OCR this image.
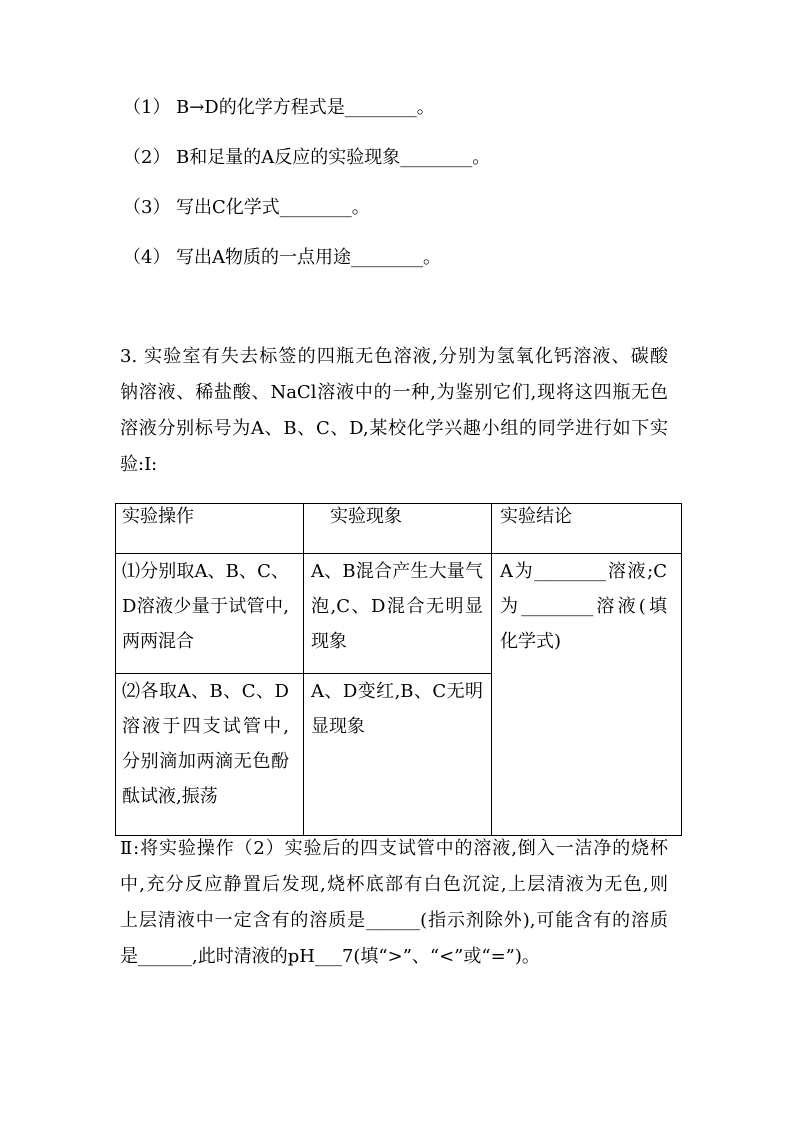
（1） B→D的化学方程式是________。
（2） B和足量的A反应的实验现象________。
（3） 写出C化学式________。
（4） 写出A物质的一点用途________。
3. 实验室有失去标签的四瓶无色溶液,分别为氢氧化钙溶液、碳酸
钠溶液、稀盐酸、NaCl溶液中的一种,为鉴别它们,现将这四瓶无色
溶液分别标号为A、B、C、D,某校化学兴趣小组的同学进行如下实
验:Ⅰ:
实验操作	实验现象	实验结论

⑴分别取A、B、C、
D溶液少量于试管中,
两两混合	A、B混合产生大量气
泡,C、D混合无明显
现象	A为________溶液;C
为________溶液(填
化学式)

⑵各取A、B、C、D
溶液于四支试管中,
分别滴加两滴无色酚
酞试液,振荡	A、D变红,B、C无明
显现象	
Ⅱ:将实验操作（2）实验后的四支试管中的溶液,倒入一洁净的烧杯
中,充分反应静置后发现,烧杯底部有白色沉淀,上层清液为无色,则
上层清液中一定含有的溶质是______(指示剂除外),可能含有的溶质
是______,此时清液的pH___7(填“>”、“<”或“=”)。
